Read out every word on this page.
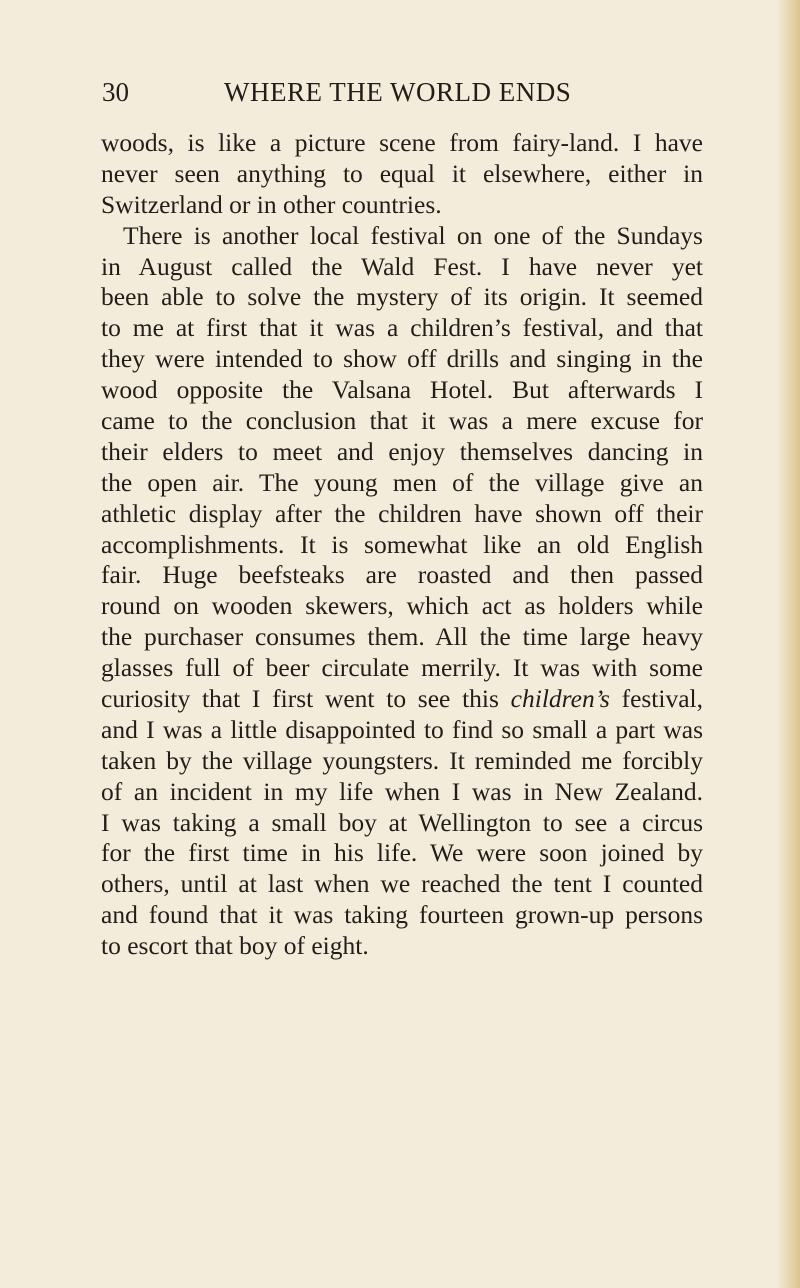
30	WHERE THE WORLD ENDS
woods, is like a picture scene from fairy-land. I have
never seen anything to equal it elsewhere, either in
Switzerland or in other countries.
There is another local festival on one of the Sundays
in August called the Wald Fest. I have never yet
been able to solve the mystery of its origin. It seemed
to me at first that it was a children’s festival, and that
they were intended to show off drills and singing in the
wood opposite the Valsana Hotel. But afterwards I
came to the conclusion that it was a mere excuse for
their elders to meet and enjoy themselves dancing in
the open air. The young men of the village give an
athletic display after the children have shown off their
accomplishments. It is somewhat like an old English
fair. Huge beefsteaks are roasted and then passed
round on wooden skewers, which act as holders while
the purchaser consumes them. All the time large heavy
glasses full of beer circulate merrily. It was with some
curiosity that I first went to see this children’s festival,
and I was a little disappointed to find so small a part was
taken by the village youngsters. It reminded me forcibly
of an incident in my life when I was in New Zealand.
I was taking a small boy at Wellington to see a circus
for the first time in his life. We were soon joined by
others, until at last when we reached the tent I counted
and found that it was taking fourteen grown-up persons
to escort that boy of eight.
